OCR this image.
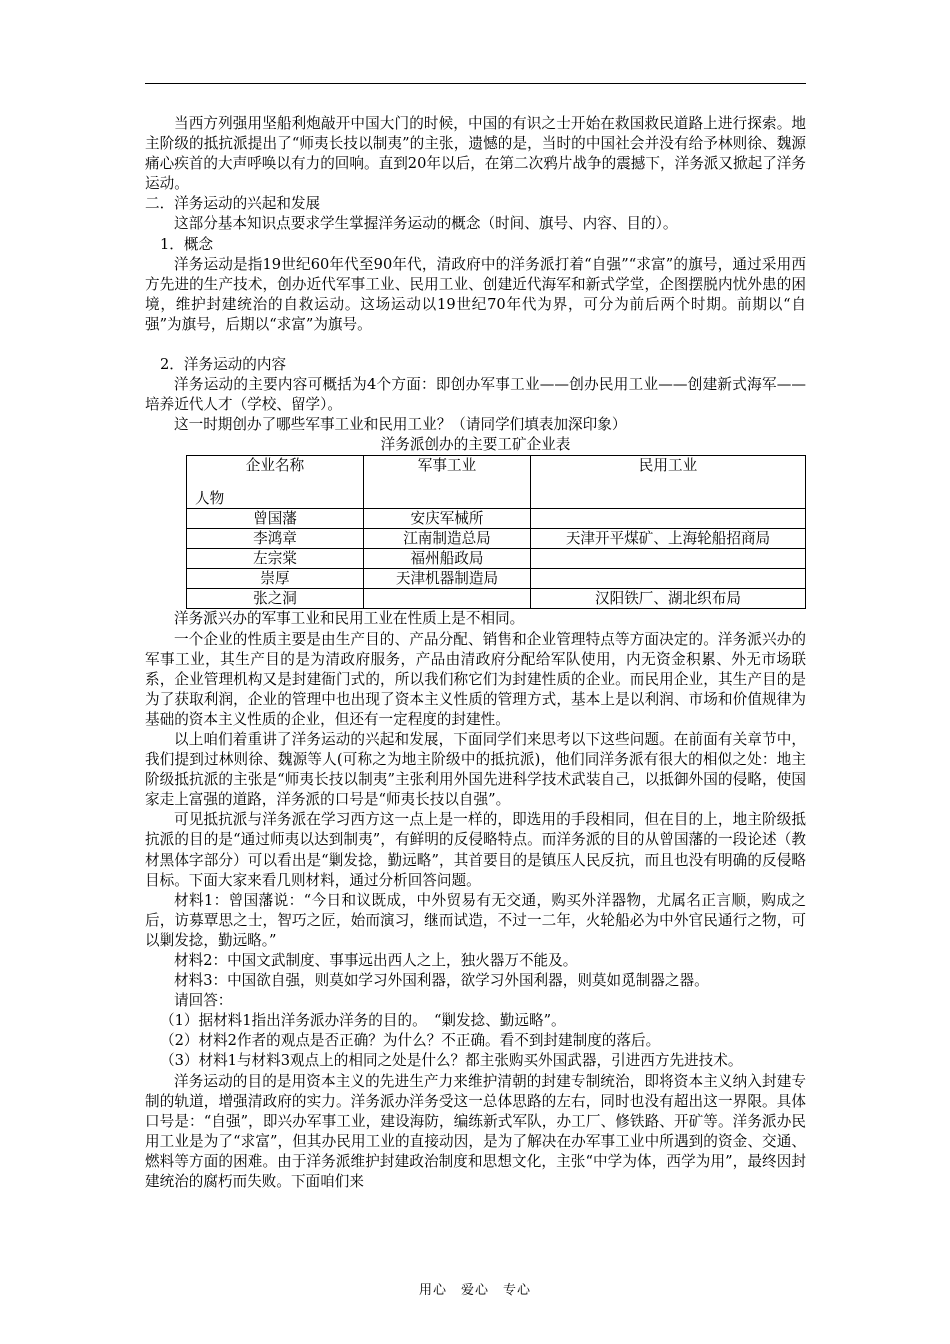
当西方列强用坚船利炮敲开中国大门的时候，中国的有识之士开始在救国救民道路上进行探索。地主阶级的抵抗派提出了“师夷长技以制夷”的主张，遗憾的是，当时的中国社会并没有给予林则徐、魏源痛心疾首的大声呼唤以有力的回响。直到20年以后，在第二次鸦片战争的震撼下，洋务派又掀起了洋务运动。

二．洋务运动的兴起和发展

这部分基本知识点要求学生掌握洋务运动的概念（时间、旗号、内容、目的）。

1．概念

洋务运动是指19世纪60年代至90年代，清政府中的洋务派打着“自强”“求富”的旗号，通过采用西方先进的生产技术，创办近代军事工业、民用工业、创建近代海军和新式学堂，企图摆脱内忧外患的困境，维护封建统治的自救运动。这场运动以19世纪70年代为界，可分为前后两个时期。前期以“自强”为旗号，后期以“求富”为旗号。

2．洋务运动的内容

洋务运动的主要内容可概括为4个方面：即创办军事工业——创办民用工业——创建新式海军——培养近代人才（学校、留学）。

这一时期创办了哪些军事工业和民用工业？（请同学们填表加深印象）

洋务派创办的主要工矿企业表

企业名称
人物	军事工业	民用工业
曾国藩	安庆军械所	
李鸿章	江南制造总局	天津开平煤矿、上海轮船招商局
左宗棠	福州船政局	
崇厚	天津机器制造局	
张之洞		汉阳铁厂、湖北织布局

洋务派兴办的军事工业和民用工业在性质上是不相同。

一个企业的性质主要是由生产目的、产品分配、销售和企业管理特点等方面决定的。洋务派兴办的军事工业，其生产目的是为清政府服务，产品由清政府分配给军队使用，内无资金积累、外无市场联系，企业管理机构又是封建衙门式的，所以我们称它们为封建性质的企业。而民用企业，其生产目的是为了获取利润，企业的管理中也出现了资本主义性质的管理方式，基本上是以利润、市场和价值规律为基础的资本主义性质的企业，但还有一定程度的封建性。

以上咱们着重讲了洋务运动的兴起和发展，下面同学们来思考以下这些问题。在前面有关章节中，我们提到过林则徐、魏源等人(可称之为地主阶级中的抵抗派)，他们同洋务派有很大的相似之处：地主阶级抵抗派的主张是“师夷长技以制夷”主张利用外国先进科学技术武装自己，以抵御外国的侵略，使国家走上富强的道路，洋务派的口号是“师夷长技以自强”。

可见抵抗派与洋务派在学习西方这一点上是一样的，即选用的手段相同，但在目的上，地主阶级抵抗派的目的是“通过师夷以达到制夷”，有鲜明的反侵略特点。而洋务派的目的从曾国藩的一段论述（教材黑体字部分）可以看出是“剿发捻，勤远略”，其首要目的是镇压人民反抗，而且也没有明确的反侵略目标。下面大家来看几则材料，通过分析回答问题。

材料1：曾国藩说：“今日和议既成，中外贸易有无交通，购买外洋器物，尤属名正言顺，购成之后，访募覃思之士，智巧之匠，始而演习，继而试造，不过一二年，火轮船必为中外官民通行之物，可以剿发捻，勤远略。”

材料2：中国文武制度、事事远出西人之上，独火器万不能及。

材料3：中国欲自强，则莫如学习外国利器，欲学习外国利器，则莫如觅制器之器。

请回答：

（1）据材料1指出洋务派办洋务的目的。　“剿发捻、勤远略”。

（2）材料2作者的观点是否正确？为什么？不正确。看不到封建制度的落后。

（3）材料1与材料3观点上的相同之处是什么？都主张购买外国武器，引进西方先进技术。

洋务运动的目的是用资本主义的先进生产力来维护清朝的封建专制统治，即将资本主义纳入封建专制的轨道，增强清政府的实力。洋务派办洋务受这一总体思路的左右，同时也没有超出这一界限。具体口号是：“自强”，即兴办军事工业，建设海防，编练新式军队，办工厂、修铁路、开矿等。洋务派办民用工业是为了“求富”，但其办民用工业的直接动因，是为了解决在办军事工业中所遇到的资金、交通、燃料等方面的困难。由于洋务派维护封建政治制度和思想文化，主张“中学为体，西学为用”，最终因封建统治的腐朽而失败。下面咱们来

用心　爱心　专心
